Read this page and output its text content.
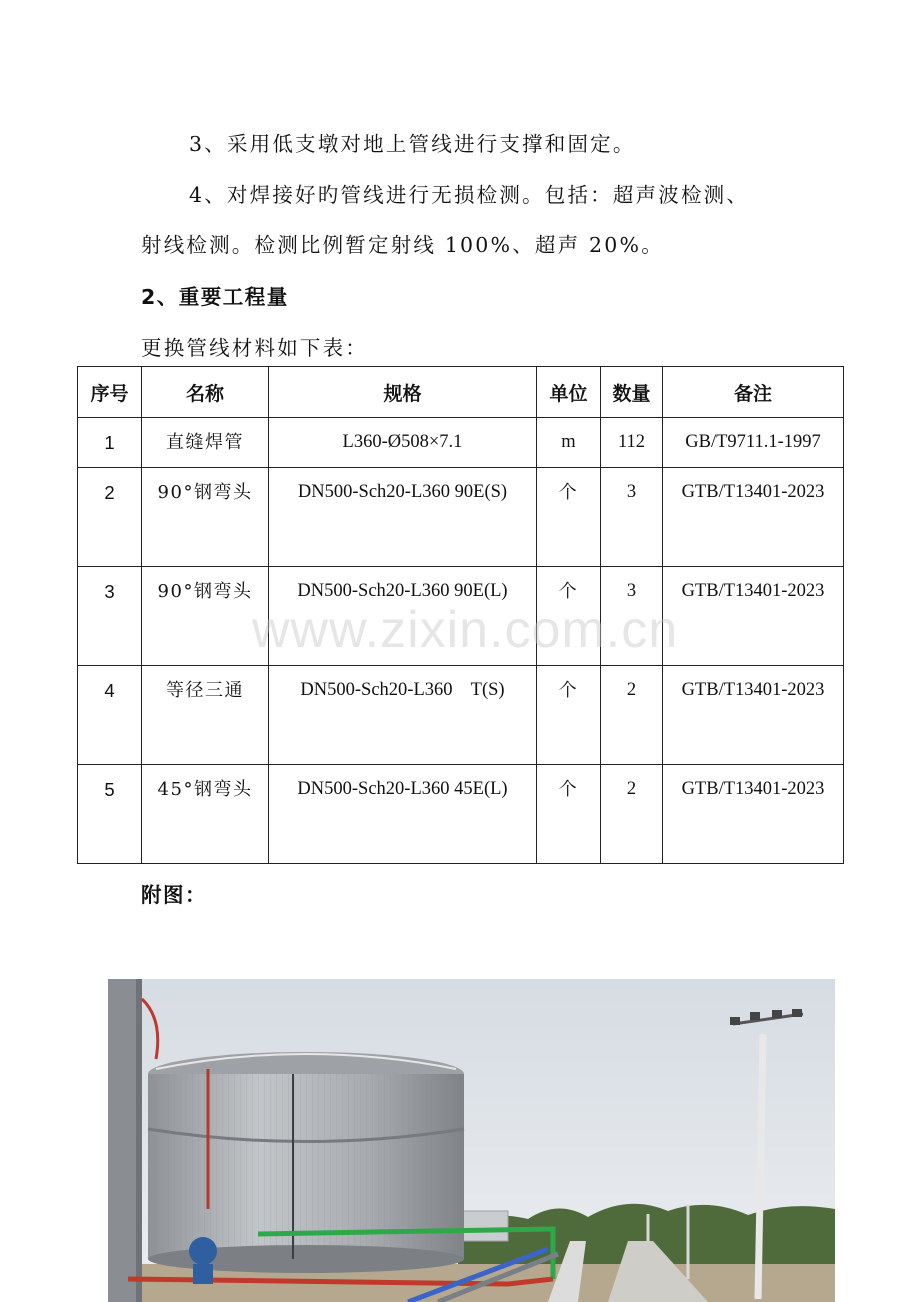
3、采用低支墩对地上管线进行支撑和固定。
4、对焊接好旳管线进行无损检测。包括：超声波检测、
射线检测。检测比例暂定射线 100%、超声 20%。
2、重要工程量
更换管线材料如下表：
序号	名称	规格	单位	数量	备注
1	直缝焊管	L360-Ø508×7.1	m	112	GB/T9711.1-1997
2	90°钢弯头	DN500-Sch20-L360 90E(S)	个	3	GTB/T13401-2023
3	90°钢弯头	DN500-Sch20-L360 90E(L)	个	3	GTB/T13401-2023
4	等径三通	DN500-Sch20-L360    T(S)	个	2	GTB/T13401-2023
5	45°钢弯头	DN500-Sch20-L360 45E(L)	个	2	GTB/T13401-2023
www.zixin.com.cn
附图：
